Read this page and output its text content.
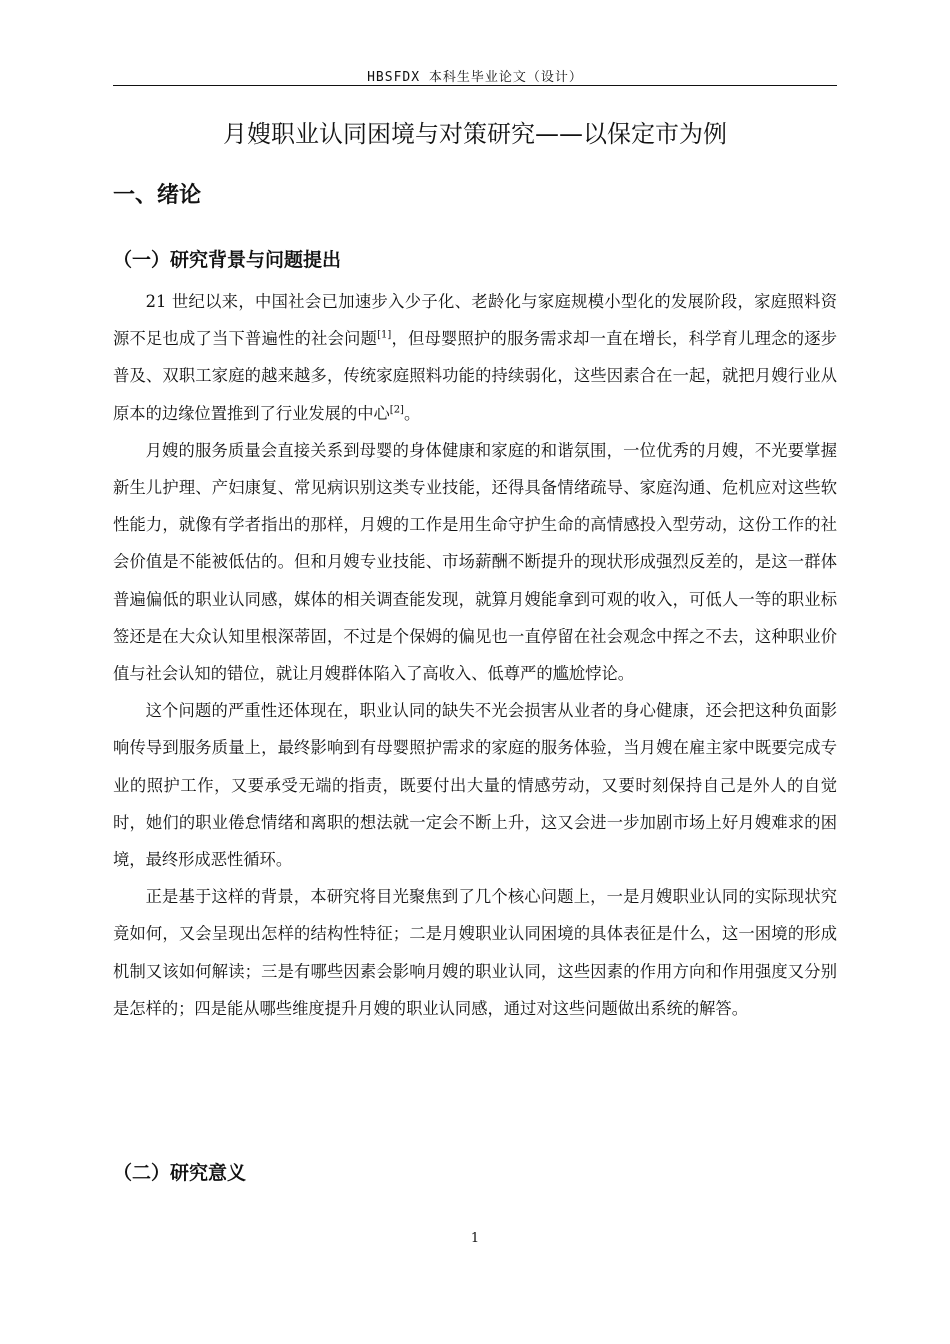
HBSFDX 本科生毕业论文（设计）
月嫂职业认同困境与对策研究——以保定市为例
一、绪论
（一）研究背景与问题提出

21 世纪以来，中国社会已加速步入少子化、老龄化与家庭规模小型化的发展阶段，家庭照料资源不足也成了当下普遍性的社会问题[1]，但母婴照护的服务需求却一直在增长，科学育儿理念的逐步普及、双职工家庭的越来越多，传统家庭照料功能的持续弱化，这些因素合在一起，就把月嫂行业从原本的边缘位置推到了行业发展的中心[2]。

月嫂的服务质量会直接关系到母婴的身体健康和家庭的和谐氛围，一位优秀的月嫂，不光要掌握新生儿护理、产妇康复、常见病识别这类专业技能，还得具备情绪疏导、家庭沟通、危机应对这些软性能力，就像有学者指出的那样，月嫂的工作是用生命守护生命的高情感投入型劳动，这份工作的社会价值是不能被低估的。但和月嫂专业技能、市场薪酬不断提升的现状形成强烈反差的，是这一群体普遍偏低的职业认同感，媒体的相关调查能发现，就算月嫂能拿到可观的收入，可低人一等的职业标签还是在大众认知里根深蒂固，不过是个保姆的偏见也一直停留在社会观念中挥之不去，这种职业价值与社会认知的错位，就让月嫂群体陷入了高收入、低尊严的尴尬悖论。

这个问题的严重性还体现在，职业认同的缺失不光会损害从业者的身心健康，还会把这种负面影响传导到服务质量上，最终影响到有母婴照护需求的家庭的服务体验，当月嫂在雇主家中既要完成专业的照护工作，又要承受无端的指责，既要付出大量的情感劳动，又要时刻保持自己是外人的自觉时，她们的职业倦怠情绪和离职的想法就一定会不断上升，这又会进一步加剧市场上好月嫂难求的困境，最终形成恶性循环。

正是基于这样的背景，本研究将目光聚焦到了几个核心问题上，一是月嫂职业认同的实际现状究竟如何，又会呈现出怎样的结构性特征；二是月嫂职业认同困境的具体表征是什么，这一困境的形成机制又该如何解读；三是有哪些因素会影响月嫂的职业认同，这些因素的作用方向和作用强度又分别是怎样的；四是能从哪些维度提升月嫂的职业认同感，通过对这些问题做出系统的解答。

（二）研究意义
1
